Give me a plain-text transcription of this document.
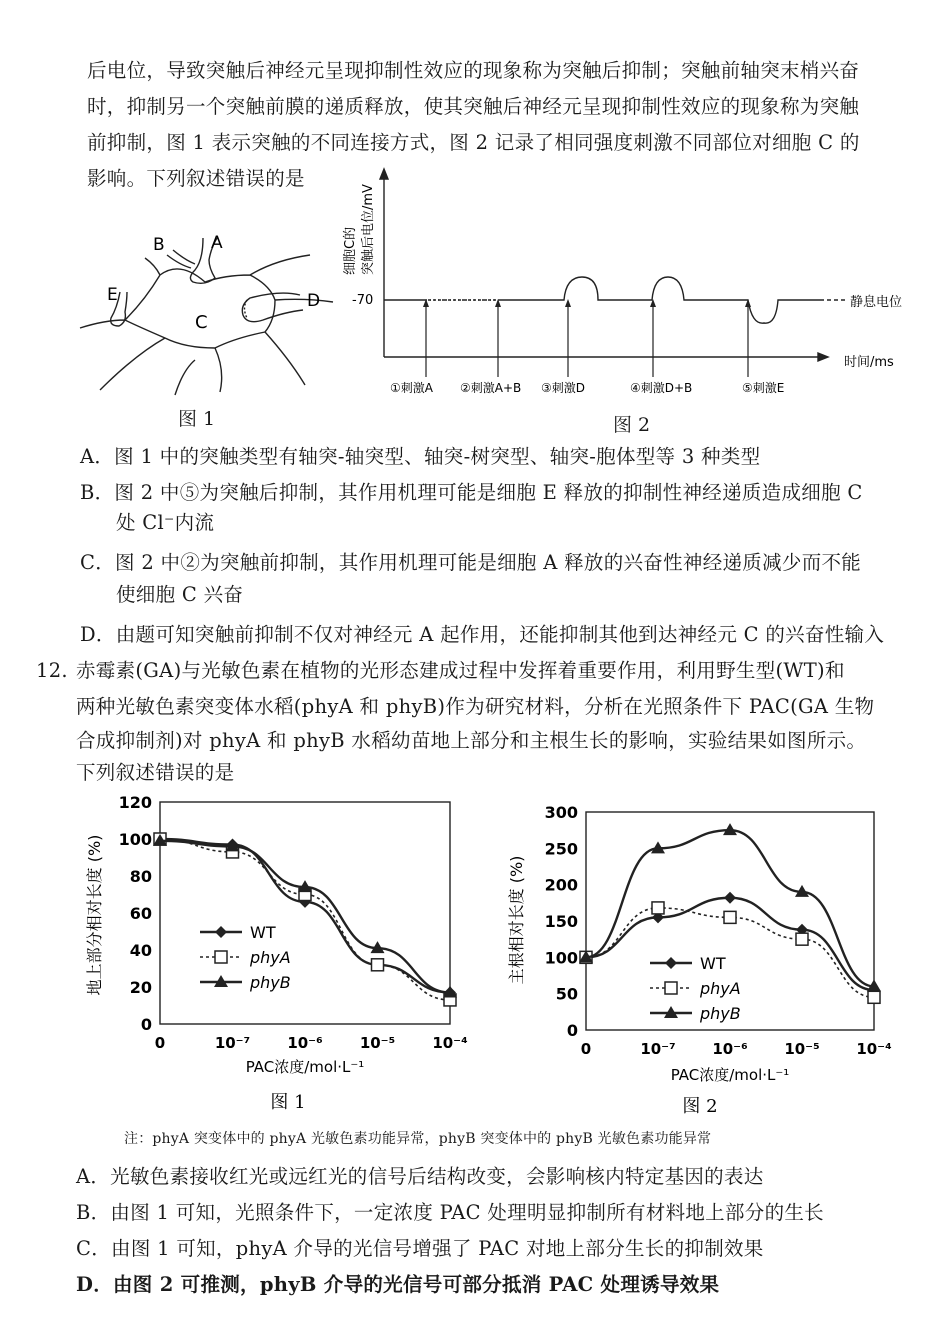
后电位，导致突触后神经元呈现抑制性效应的现象称为突触后抑制；突触前轴突末梢兴奋
时，抑制另一个突触前膜的递质释放，使其突触后神经元呈现抑制性效应的现象称为突触
前抑制，图 1 表示突触的不同连接方式，图 2 记录了相同强度刺激不同部位对细胞 C 的
影响。下列叙述错误的是
B	A
E
C
D
图 1
-70	静息电位
时间/ms
细胞C的 突触后电位/mV
①刺激A ②刺激A+B ③刺激D	④刺激D+B	⑤刺激E
图 2
A．图 1 中的突触类型有轴突-轴突型、轴突-树突型、轴突-胞体型等 3 种类型
B．图 2 中⑤为突触后抑制，其作用机理可能是细胞 E 释放的抑制性神经递质造成细胞 C
处 Cl⁻内流
C．图 2 中②为突触前抑制，其作用机理可能是细胞 A 释放的兴奋性神经递质减少而不能
使细胞 C 兴奋
D．由题可知突触前抑制不仅对神经元 A 起作用，还能抑制其他到达神经元 C 的兴奋性输入
12. 赤霉素(GA)与光敏色素在植物的光形态建成过程中发挥着重要作用，利用野生型(WT)和
两种光敏色素突变体水稻(phyA 和 phyB)作为研究材料，分析在光照条件下 PAC(GA 生物
合成抑制剂)对 phyA 和 phyB 水稻幼苗地上部分和主根生长的影响，实验结果如图所示。
下列叙述错误的是
地上部分相对长度 (%)
PAC浓度/mol·L⁻¹
图 1
0
20
40
60
80
100
120
0	10⁻⁷ 10⁻⁶ 10⁻⁵ 10⁻⁴
WT
phyA
phyB	主根相对长度 (%)
PAC浓度/mol·L⁻¹
图 2
0
50
100
150
200
250
300
0	10⁻⁷ 10⁻⁶ 10⁻⁵ 10⁻⁴
WT
phyA
phyB
注：phyA 突变体中的 phyA 光敏色素功能异常，phyB 突变体中的 phyB 光敏色素功能异常
A．光敏色素接收红光或远红光的信号后结构改变，会影响核内特定基因的表达
B．由图 1 可知，光照条件下，一定浓度 PAC 处理明显抑制所有材料地上部分的生长
C．由图 1 可知，phyA 介导的光信号增强了 PAC 对地上部分生长的抑制效果
D．由图 2 可推测，phyB 介导的光信号可部分抵消 PAC 处理诱导效果
